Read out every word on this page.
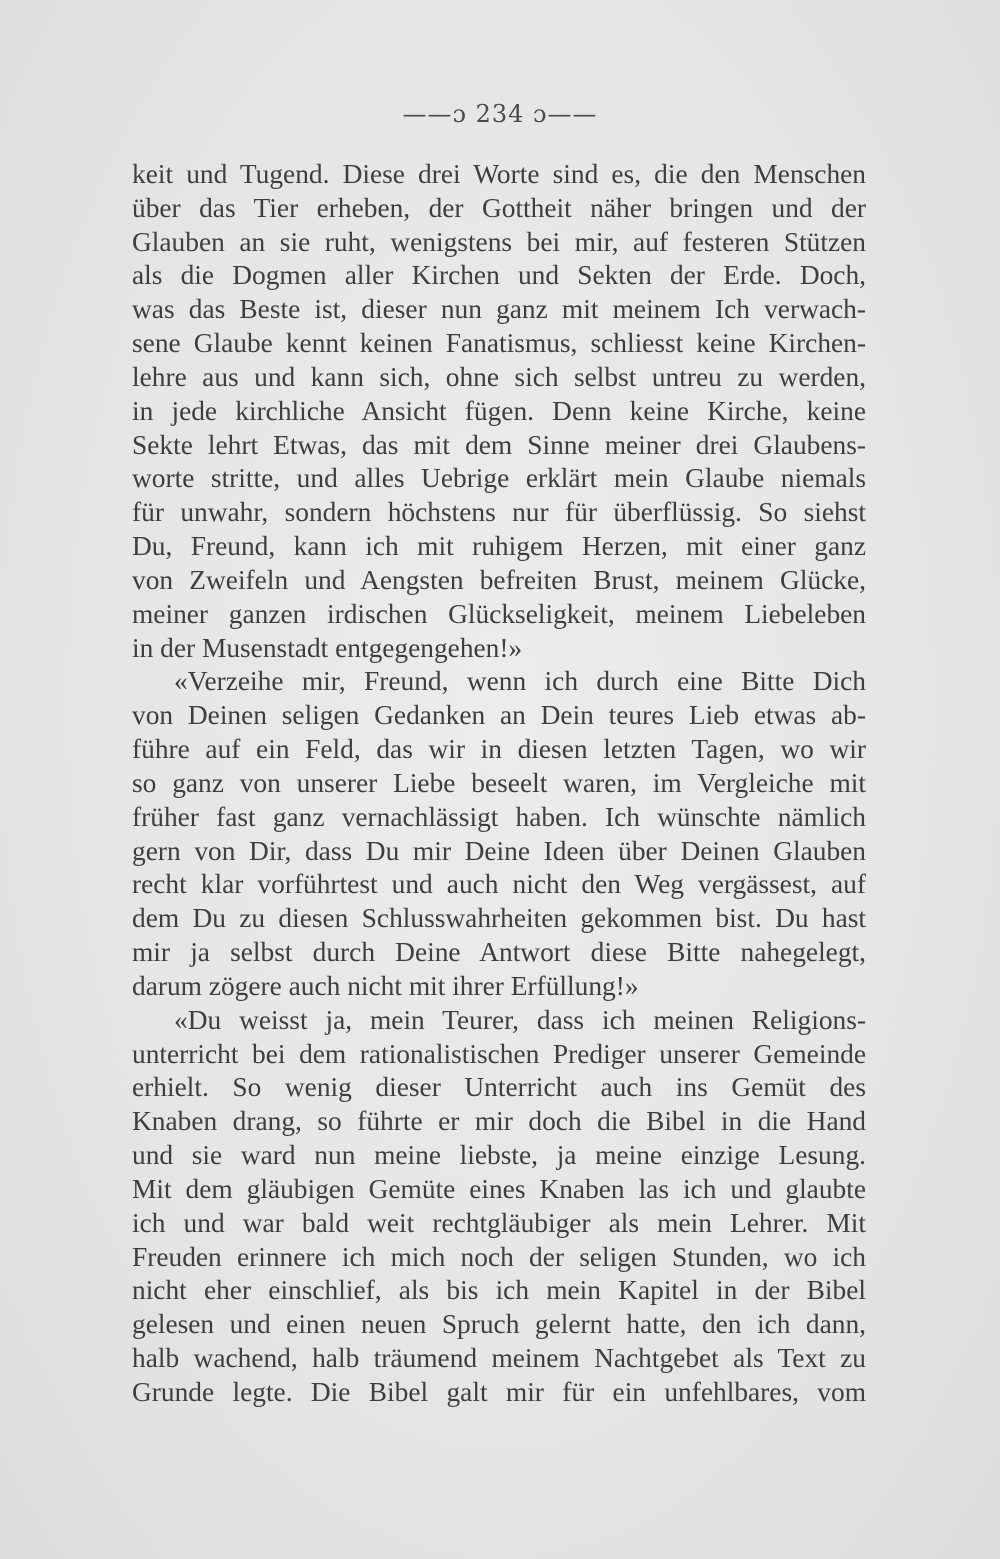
——ɔ 234 ɔ——
keit und Tugend. Diese drei Worte sind es, die den Menschen
über das Tier erheben, der Gottheit näher bringen und der
Glauben an sie ruht, wenigstens bei mir, auf festeren Stützen
als die Dogmen aller Kirchen und Sekten der Erde. Doch,
was das Beste ist, dieser nun ganz mit meinem Ich verwach-
sene Glaube kennt keinen Fanatismus, schliesst keine Kirchen-
lehre aus und kann sich, ohne sich selbst untreu zu werden,
in jede kirchliche Ansicht fügen. Denn keine Kirche, keine
Sekte lehrt Etwas, das mit dem Sinne meiner drei Glaubens-
worte stritte, und alles Uebrige erklärt mein Glaube niemals
für unwahr, sondern höchstens nur für überflüssig. So siehst
Du, Freund, kann ich mit ruhigem Herzen, mit einer ganz
von Zweifeln und Aengsten befreiten Brust, meinem Glücke,
meiner ganzen irdischen Glückseligkeit, meinem Liebeleben
in der Musenstadt entgegengehen!»
«Verzeihe mir, Freund, wenn ich durch eine Bitte Dich
von Deinen seligen Gedanken an Dein teures Lieb etwas ab-
führe auf ein Feld, das wir in diesen letzten Tagen, wo wir
so ganz von unserer Liebe beseelt waren, im Vergleiche mit
früher fast ganz vernachlässigt haben. Ich wünschte nämlich
gern von Dir, dass Du mir Deine Ideen über Deinen Glauben
recht klar vorführtest und auch nicht den Weg vergässest, auf
dem Du zu diesen Schlusswahrheiten gekommen bist. Du hast
mir ja selbst durch Deine Antwort diese Bitte nahegelegt,
darum zögere auch nicht mit ihrer Erfüllung!»
«Du weisst ja, mein Teurer, dass ich meinen Religions-
unterricht bei dem rationalistischen Prediger unserer Gemeinde
erhielt. So wenig dieser Unterricht auch ins Gemüt des
Knaben drang, so führte er mir doch die Bibel in die Hand
und sie ward nun meine liebste, ja meine einzige Lesung.
Mit dem gläubigen Gemüte eines Knaben las ich und glaubte
ich und war bald weit rechtgläubiger als mein Lehrer. Mit
Freuden erinnere ich mich noch der seligen Stunden, wo ich
nicht eher einschlief, als bis ich mein Kapitel in der Bibel
gelesen und einen neuen Spruch gelernt hatte, den ich dann,
halb wachend, halb träumend meinem Nachtgebet als Text zu
Grunde legte. Die Bibel galt mir für ein unfehlbares, vom
